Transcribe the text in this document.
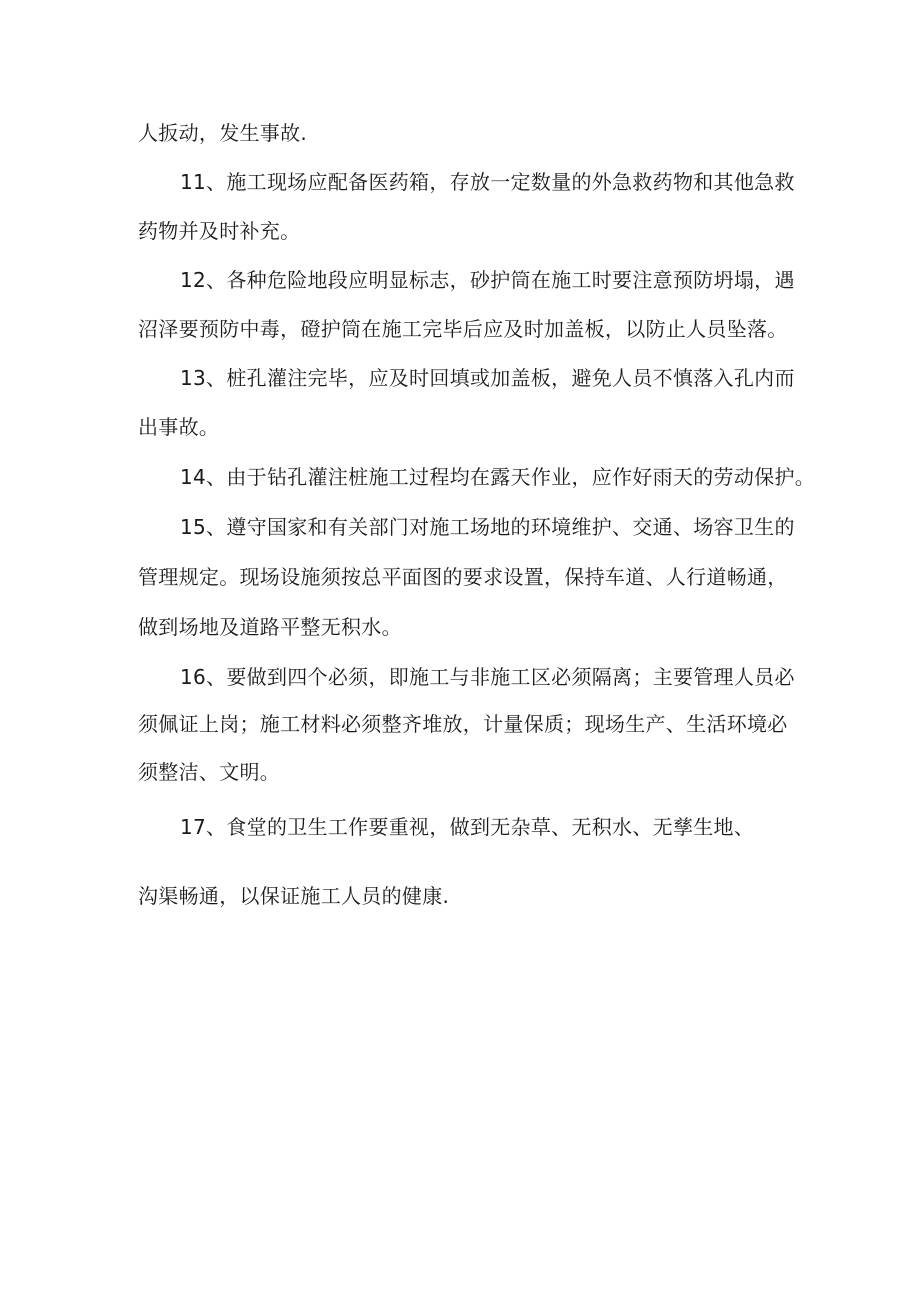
人扳动，发生事故.
11、施工现场应配备医药箱，存放一定数量的外急救药物和其他急救
药物并及时补充。
12、各种危险地段应明显标志，砂护筒在施工时要注意预防坍塌，遇
沼泽要预防中毒，磴护筒在施工完毕后应及时加盖板，以防止人员坠落。
13、桩孔灌注完毕，应及时回填或加盖板，避免人员不慎落入孔内而
出事故。
14、由于钻孔灌注桩施工过程均在露天作业，应作好雨天的劳动保护。
15、遵守国家和有关部门对施工场地的环境维护、交通、场容卫生的
管理规定。现场设施须按总平面图的要求设置，保持车道、人行道畅通，
做到场地及道路平整无积水。
16、要做到四个必须，即施工与非施工区必须隔离；主要管理人员必
须佩证上岗；施工材料必须整齐堆放，计量保质；现场生产、生活环境必
须整洁、文明。
17、食堂的卫生工作要重视，做到无杂草、无积水、无孳生地、
沟渠畅通，以保证施工人员的健康.
